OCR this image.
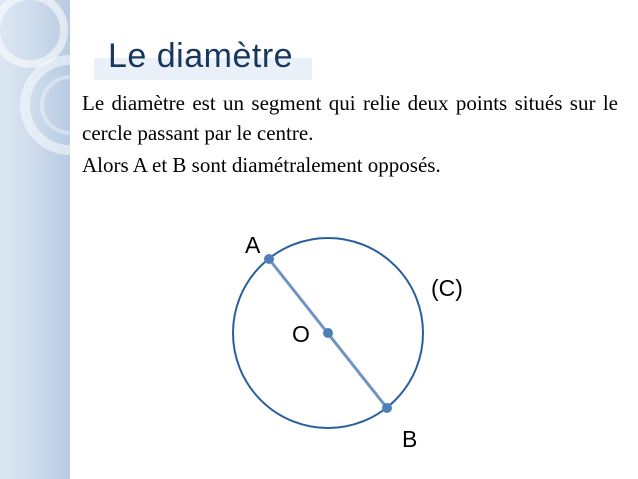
Le diamètre
Le diamètre est un segment qui relie deux points situés sur le cercle passant par le centre.
Alors A et B sont diamétralement opposés.
A
O
B
(C)
